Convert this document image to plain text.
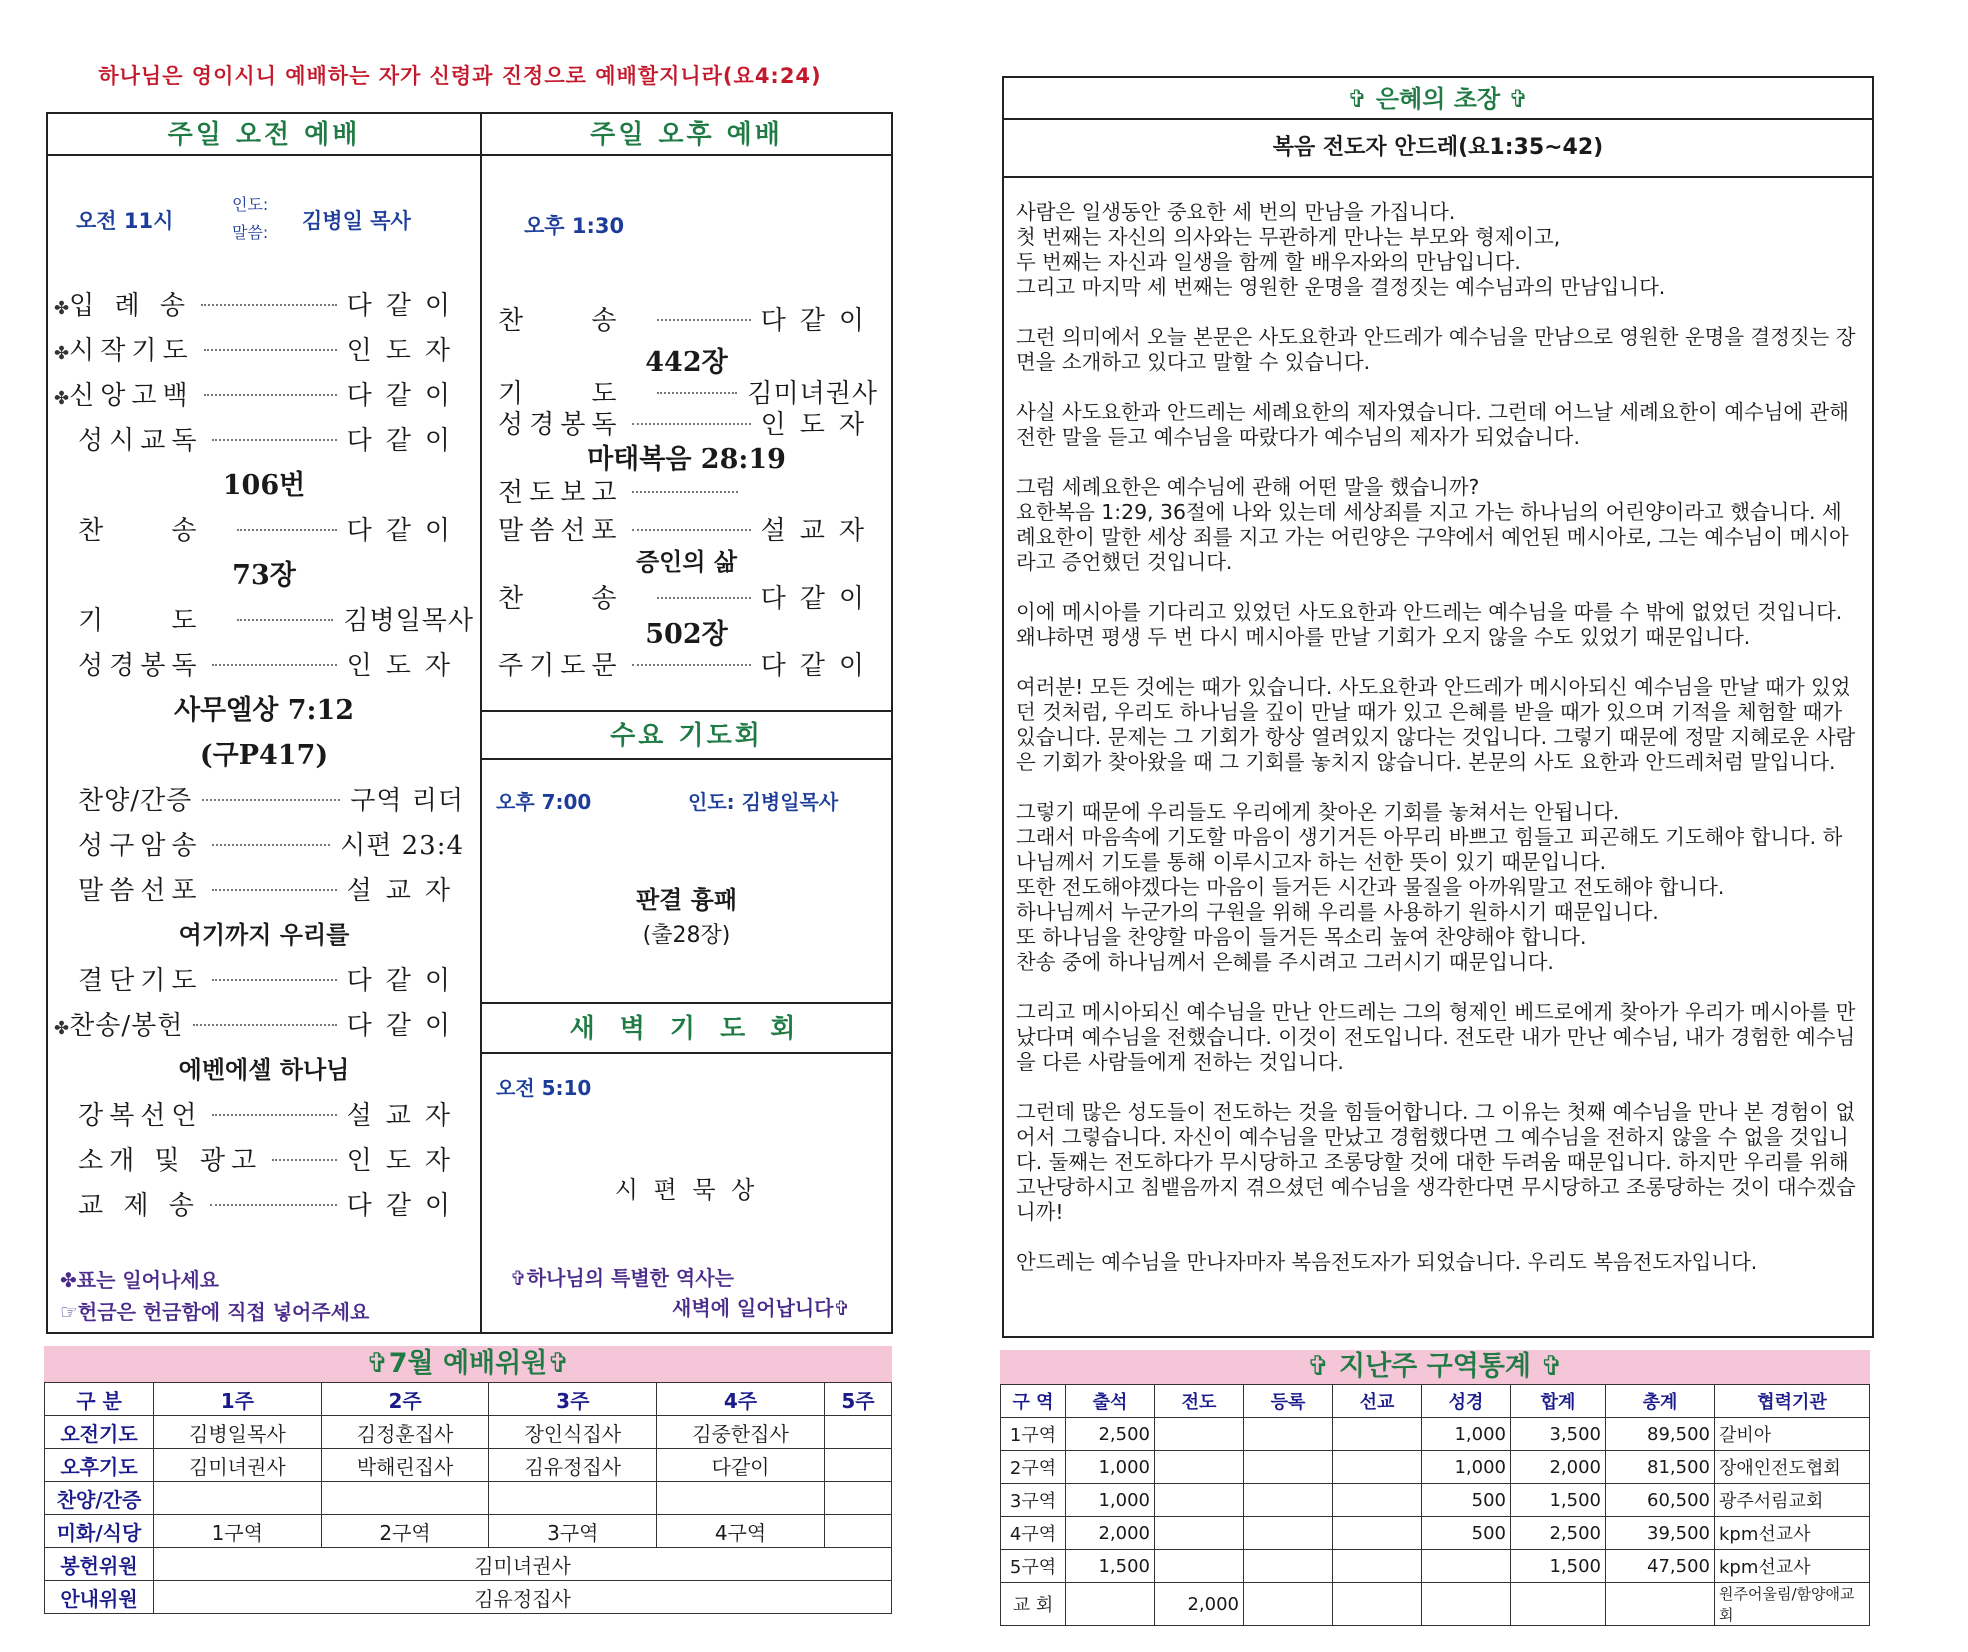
하나님은 영이시니 예배하는 자가 신령과 진정으로 예배할지니라(요4:24)
주일 오전 예배
오전 11시
인도:
말씀: 김병일 목사
✤ 입 례 송	다같이
✤ 시작기도	인도자
✤ 신앙고백	다같이
성시교독	다같이
106번
찬 송	다같이
73장
기 도	김병일목사
성경봉독	인도자
사무엘상 7:12
(구P417)
찬양/간증	구역 리더
성구암송	시편 23:4
말씀선포	설교자
여기까지 우리를
결단기도	다같이
✤ 찬송/봉헌	다같이
에벤에셀 하나님
강복선언	설교자
소개 및 광고	인도자
교 제 송	다같이
✤표는 일어나세요
☞헌금은 헌금함에 직접 넣어주세요
주일 오후 예배
오후 1:30
찬 송	다같이
442장
기 도	김미녀권사
성경봉독	인도자
마태복음 28:19
전도보고
말씀선포	설교자
증인의 삶
찬 송	다같이
502장
주기도문	다같이
수요 기도회
오후 7:00	인도: 김병일목사
판결 흉패
(출28장)
새 벽 기 도 회
오전 5:10
시 편 묵 상
✞하나님의 특별한 역사는
새벽에 일어납니다✞
✞7월 예배위원✞
구 분	1주	2주	3주	4주	5주
오전기도	김병일목사	김정훈집사	장인식집사	김중한집사	
오후기도	김미녀권사	박해린집사	김유정집사	다같이	
찬양/간증					
미화/식당	1구역	2구역	3구역	4구역	
봉헌위원	김미녀권사				
안내위원	김유정집사				
✞ 은혜의 초장 ✞
복음 전도자 안드레(요1:35~42)

사람은 일생동안 중요한 세 번의 만남을 가집니다.
첫 번째는 자신의 의사와는 무관하게 만나는 부모와 형제이고,
두 번째는 자신과 일생을 함께 할 배우자와의 만남입니다.
그리고 마지막 세 번째는 영원한 운명을 결정짓는 예수님과의 만남입니다.

그런 의미에서 오늘 본문은 사도요한과 안드레가 예수님을 만남으로 영원한 운명을 결정짓는 장면을 소개하고 있다고 말할 수 있습니다.

사실 사도요한과 안드레는 세례요한의 제자였습니다. 그런데 어느날 세례요한이 예수님에 관해 전한 말을 듣고 예수님을 따랐다가 예수님의 제자가 되었습니다.

그럼 세례요한은 예수님에 관해 어떤 말을 했습니까?
요한복음 1:29, 36절에 나와 있는데 세상죄를 지고 가는 하나님의 어린양이라고 했습니다. 세례요한이 말한 세상 죄를 지고 가는 어린양은 구약에서 예언된 메시아로, 그는 예수님이 메시아라고 증언했던 것입니다.

이에 메시아를 기다리고 있었던 사도요한과 안드레는 예수님을 따를 수 밖에 없었던 것입니다. 왜냐하면 평생 두 번 다시 메시아를 만날 기회가 오지 않을 수도 있었기 때문입니다.

여러분! 모든 것에는 때가 있습니다. 사도요한과 안드레가 메시아되신 예수님을 만날 때가 있었던 것처럼, 우리도 하나님을 깊이 만날 때가 있고 은혜를 받을 때가 있으며 기적을 체험할 때가 있습니다. 문제는 그 기회가 항상 열려있지 않다는 것입니다. 그렇기 때문에 정말 지혜로운 사람은 기회가 찾아왔을 때 그 기회를 놓치지 않습니다. 본문의 사도 요한과 안드레처럼 말입니다.

그렇기 때문에 우리들도 우리에게 찾아온 기회를 놓쳐서는 안됩니다.
그래서 마음속에 기도할 마음이 생기거든 아무리 바쁘고 힘들고 피곤해도 기도해야 합니다. 하나님께서 기도를 통해 이루시고자 하는 선한 뜻이 있기 때문입니다.
또한 전도해야겠다는 마음이 들거든 시간과 물질을 아까워말고 전도해야 합니다.
하나님께서 누군가의 구원을 위해 우리를 사용하기 원하시기 때문입니다.
또 하나님을 찬양할 마음이 들거든 목소리 높여 찬양해야 합니다.
찬송 중에 하나님께서 은혜를 주시려고 그러시기 때문입니다.

그리고 메시아되신 예수님을 만난 안드레는 그의 형제인 베드로에게 찾아가 우리가 메시아를 만났다며 예수님을 전했습니다. 이것이 전도입니다. 전도란 내가 만난 예수님, 내가 경험한 예수님을 다른 사람들에게 전하는 것입니다.

그런데 많은 성도들이 전도하는 것을 힘들어합니다. 그 이유는 첫째 예수님을 만나 본 경험이 없어서 그렇습니다. 자신이 예수님을 만났고 경험했다면 그 예수님을 전하지 않을 수 없을 것입니다. 둘째는 전도하다가 무시당하고 조롱당할 것에 대한 두려움 때문입니다. 하지만 우리를 위해 고난당하시고 침뱉음까지 겪으셨던 예수님을 생각한다면 무시당하고 조롱당하는 것이 대수겠습니까!

안드레는 예수님을 만나자마자 복음전도자가 되었습니다. 우리도 복음전도자입니다.

✞ 지난주 구역통계 ✞
구 역	출석	전도	등록	선교	성경	합계	총계	협력기관
1구역	2,500				1,000	3,500	89,500	갈비아
2구역	1,000				1,000	2,000	81,500	장애인전도협회
3구역	1,000				500	1,500	60,500	광주서림교회
4구역	2,000				500	2,500	39,500	kpm선교사
5구역	1,500					1,500	47,500	kpm선교사
교 회		2,000						원주어울림/함양애교회
